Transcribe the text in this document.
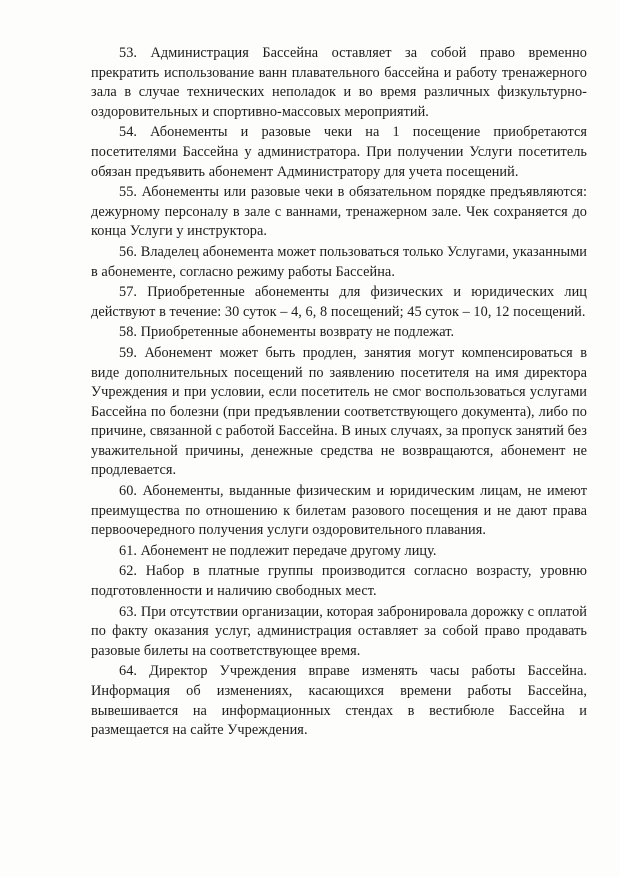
53. Администрация Бассейна оставляет за собой право временно прекратить использование ванн плавательного бассейна и работу тренажерного зала в случае технических неполадок и во время различных физкультурно-оздоровительных и спортивно-массовых мероприятий.

54. Абонементы и разовые чеки на 1 посещение приобретаются посетителями Бассейна у администратора. При получении Услуги посетитель обязан предъявить абонемент Администратору для учета посещений.

55. Абонементы или разовые чеки в обязательном порядке предъявляются: дежурному персоналу в зале с ваннами, тренажерном зале. Чек сохраняется до конца Услуги у инструктора.

56. Владелец абонемента может пользоваться только Услугами, указанными в абонементе, согласно режиму работы Бассейна.

57. Приобретенные абонементы для физических и юридических лиц действуют в течение: 30 суток – 4, 6, 8 посещений; 45 суток – 10, 12 посещений.

58. Приобретенные абонементы возврату не подлежат.

59. Абонемент может быть продлен, занятия могут компенсироваться в виде дополнительных посещений по заявлению посетителя на имя директора Учреждения и при условии, если посетитель не смог воспользоваться услугами Бассейна по болезни (при предъявлении соответствующего документа), либо по причине, связанной с работой Бассейна. В иных случаях, за пропуск занятий без уважительной причины, денежные средства не возвращаются, абонемент не продлевается.

60. Абонементы, выданные физическим и юридическим лицам, не имеют преимущества по отношению к билетам разового посещения и не дают права первоочередного получения услуги оздоровительного плавания.

61. Абонемент не подлежит передаче другому лицу.

62. Набор в платные группы производится согласно возрасту, уровню подготовленности и наличию свободных мест.

63. При отсутствии организации, которая забронировала дорожку с оплатой по факту оказания услуг, администрация оставляет за собой право продавать разовые билеты на соответствующее время.

64. Директор Учреждения вправе изменять часы работы Бассейна. Информация об изменениях, касающихся времени работы Бассейна, вывешивается на информационных стендах в вестибюле Бассейна и размещается на сайте Учреждения.
